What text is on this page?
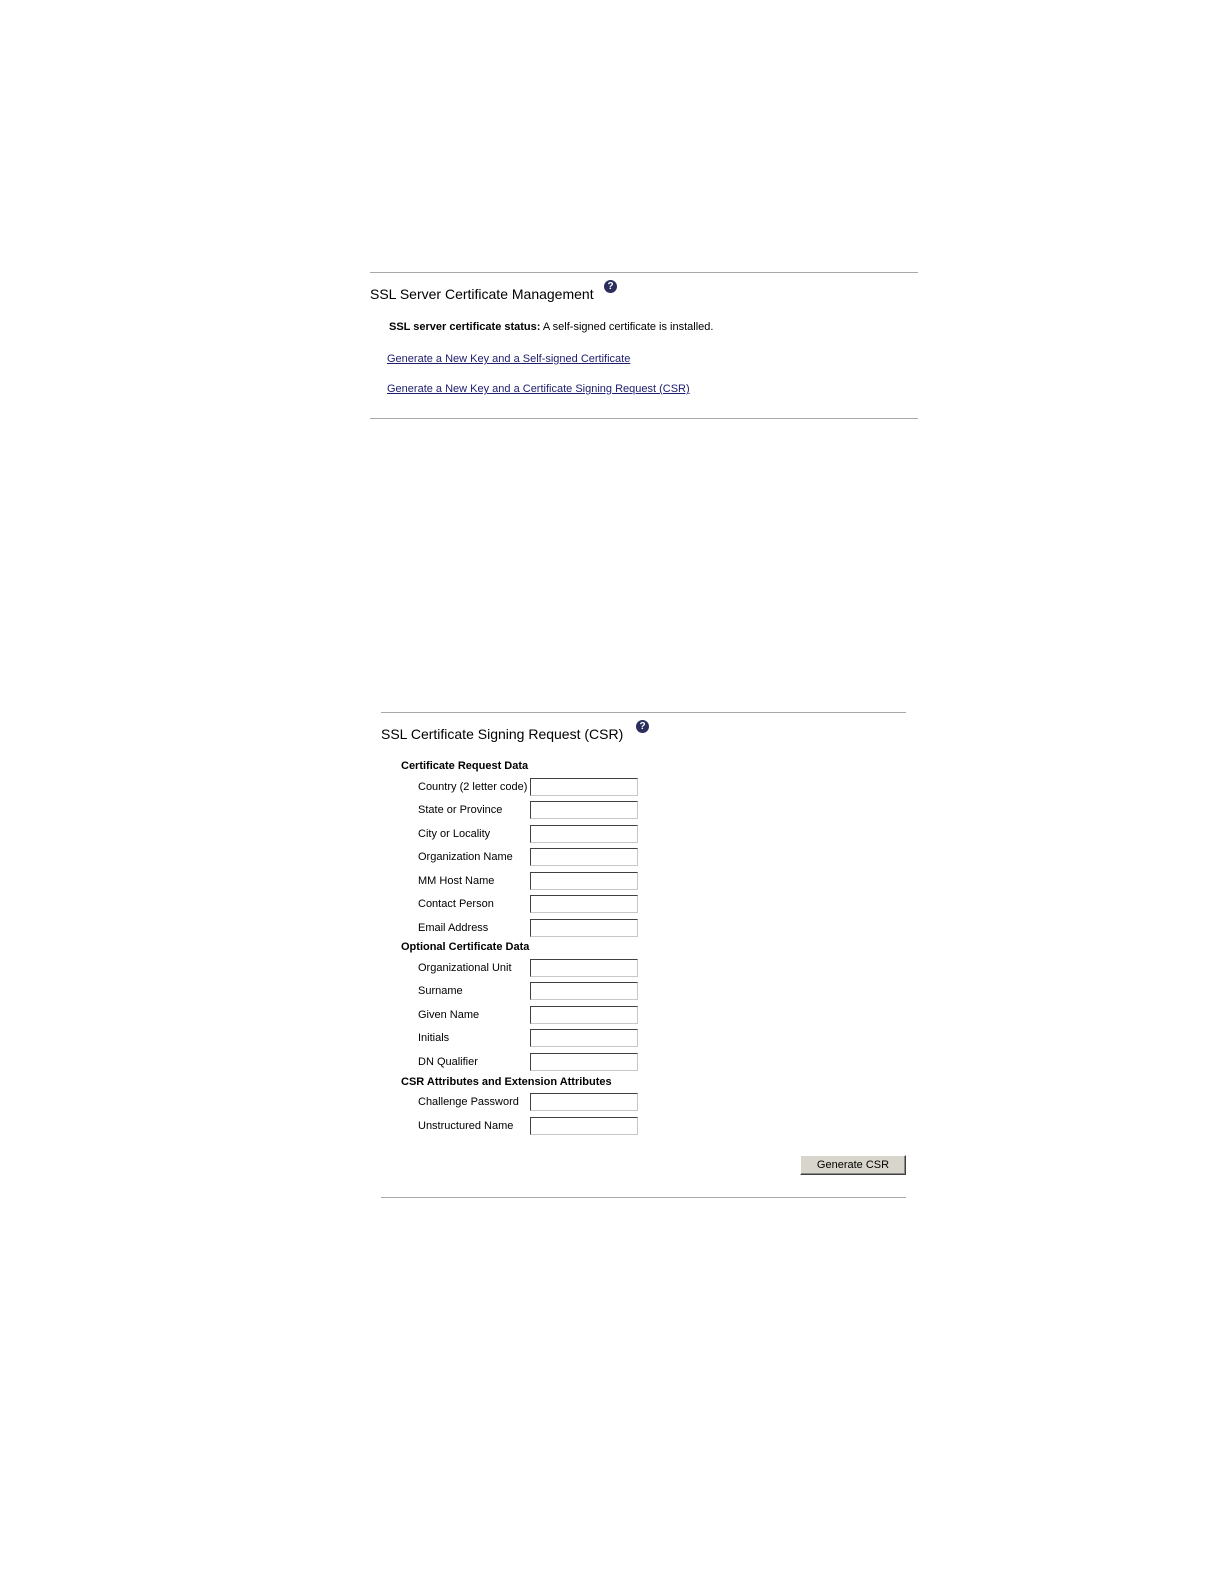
SSL Server Certificate Management	?
SSL server certificate status: A self-signed certificate is installed.
Generate a New Key and a Self-signed Certificate
Generate a New Key and a Certificate Signing Request (CSR)
SSL Certificate Signing Request (CSR)	?
Certificate Request Data
Country (2 letter code)
State or Province
City or Locality
Organization Name
MM Host Name
Contact Person
Email Address
Optional Certificate Data
Organizational Unit
Surname
Given Name
Initials
DN Qualifier
CSR Attributes and Extension Attributes
Challenge Password
Unstructured Name
Generate CSR
